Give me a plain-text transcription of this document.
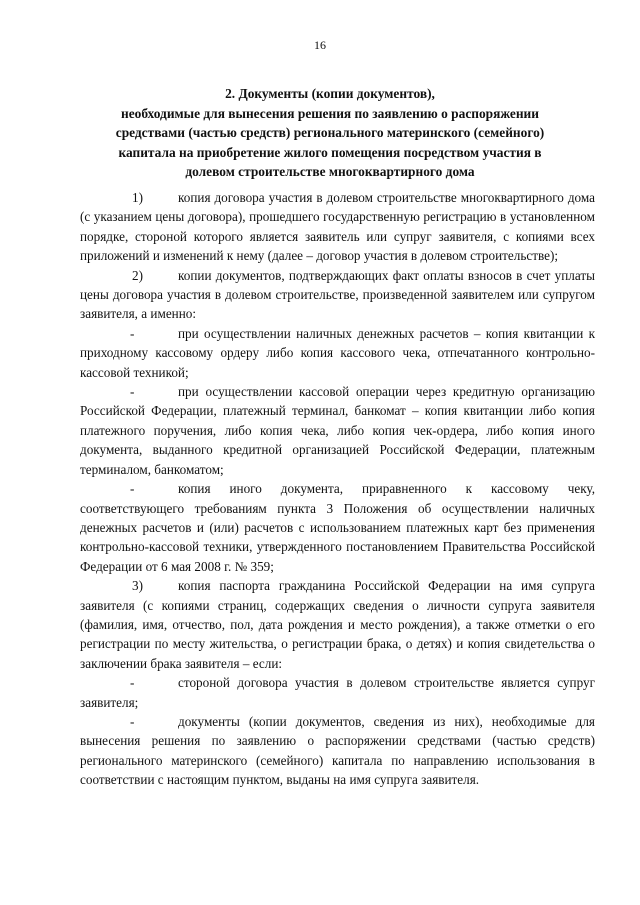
16
2. Документы (копии документов),
необходимые для вынесения решения по заявлению о распоряжении
средствами (частью средств) регионального материнского (семейного)
капитала на приобретение жилого помещения посредством участия в
долевом строительстве многоквартирного дома

1)	копия договора участия в долевом строительстве многоквартирного дома (с указанием цены договора), прошедшего государственную регистрацию в установленном порядке, стороной которого является заявитель или супруг заявителя, с копиями всех приложений и изменений к нему (далее – договор участия в долевом строительстве);

2)	копии документов, подтверждающих факт оплаты взносов в счет уплаты цены договора участия в долевом строительстве, произведенной заявителем или супругом заявителя, а именно:

-	при осуществлении наличных денежных расчетов – копия квитанции к приходному кассовому ордеру либо копия кассового чека, отпечатанного контрольно-кассовой техникой;

-	при осуществлении кассовой операции через кредитную организацию Российской Федерации, платежный терминал, банкомат – копия квитанции либо копия платежного поручения, либо копия чека, либо копия чек-ордера, либо копия иного документа, выданного кредитной организацией Российской Федерации, платежным терминалом, банкоматом;

-	копия иного документа, приравненного к кассовому чеку, соответствующего требованиям пункта 3 Положения об осуществлении наличных денежных расчетов и (или) расчетов с использованием платежных карт без применения контрольно-кассовой техники, утвержденного постановлением Правительства Российской Федерации от 6 мая 2008 г. № 359;

3)	копия паспорта гражданина Российской Федерации на имя супруга заявителя (с копиями страниц, содержащих сведения о личности супруга заявителя (фамилия, имя, отчество, пол, дата рождения и место рождения), а также отметки о его регистрации по месту жительства, о регистрации брака, о детях) и копия свидетельства о заключении брака заявителя – если:

-	стороной договора участия в долевом строительстве является супруг заявителя;

-	документы (копии документов, сведения из них), необходимые для вынесения решения по заявлению о распоряжении средствами (частью средств) регионального материнского (семейного) капитала по направлению использования в соответствии с настоящим пунктом, выданы на имя супруга заявителя.
